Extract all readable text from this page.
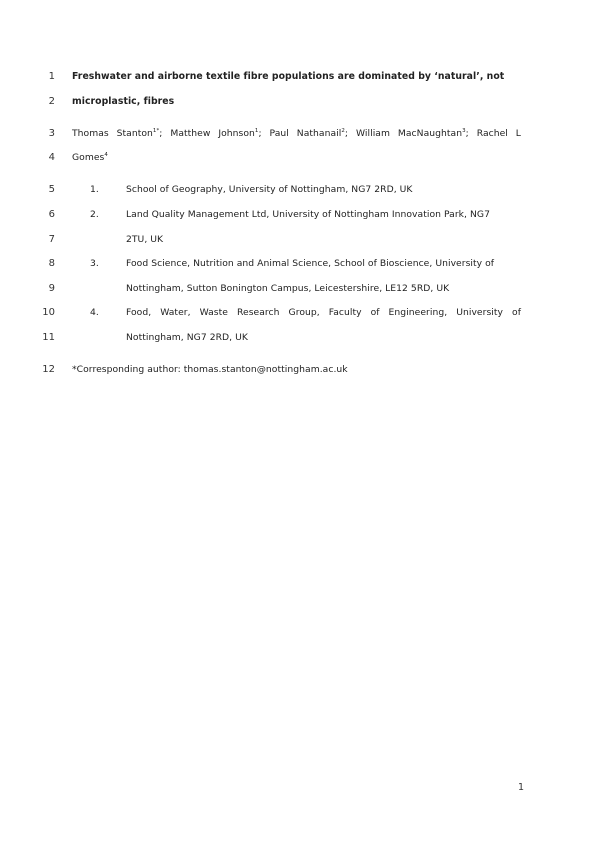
1 Freshwater and airborne textile fibre populations are dominated by ‘natural’, not
2 microplastic, fibres
3 Thomas Stanton$^{1*}$; Matthew Johnson$^1$; Paul Nathanail$^2$; William MacNaughtan$^3$; Rachel L
4 Gomes$^4$
5	1.	School of Geography, University of Nottingham, NG7 2RD, UK
6	2.	Land Quality Management Ltd, University of Nottingham Innovation Park, NG7
7	2TU, UK
8	3.	Food Science, Nutrition and Animal Science, School of Bioscience, University of
9	Nottingham, Sutton Bonington Campus, Leicestershire, LE12 5RD, UK
10	4.	Food, Water, Waste Research Group, Faculty of Engineering, University of
11	Nottingham, NG7 2RD, UK
12 *Corresponding author: thomas.stanton@nottingham.ac.uk
1
